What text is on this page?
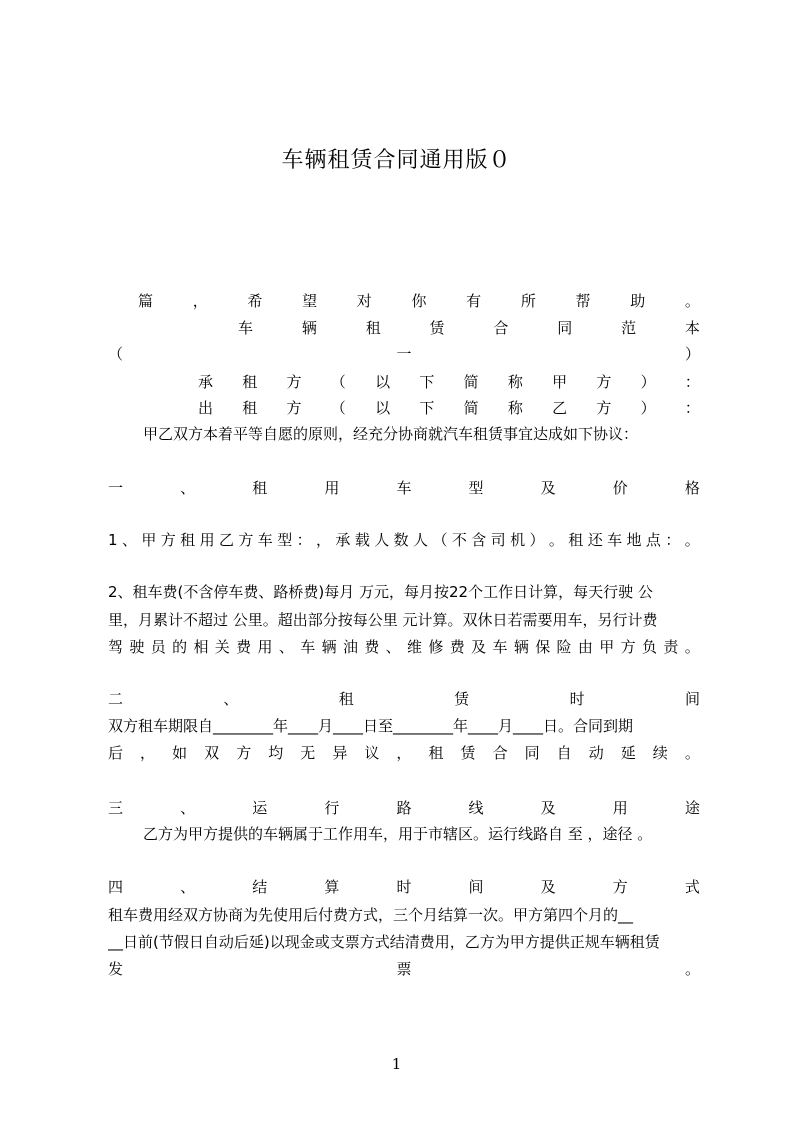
车辆租赁合同通用版０
篇	，	希	望	对	你	有	所	帮	助	。
车	辆	租	赁	合	同	范	本
（	一	）
承 租 方 （ 以 下 简 称 甲 方 ） ：
出 租 方 （ 以 下 简 称 乙 方 ） ：
甲乙双方本着平等自愿的原则，经充分协商就汽车租赁事宜达成如下协议：
一	、	租	用	车	型	及	价	格
1 、 甲 方 租 用 乙 方 车 型 ： ， 承 载 人 数 人 （ 不 含 司 机 ） 。 租 还 车 地 点 ： 。
2、租车费(不含停车费、路桥费)每月 万元，每月按22个工作日计算，每天行驶 公
里，月累计不超过 公里。超出部分按每公里 元计算。双休日若需要用车，另行计费
驾 驶 员 的 相 关 费 用 、 车 辆 油 费 、 维 修 费 及 车 辆 保 险 由 甲 方 负 责 。
二	、	租	赁	时	间
双方租车期限自________年____月____日至________年____月____日。合同到期
后 ， 如 双 方 均 无 异 议 ， 租 赁 合 同 自 动 延 续 。
三	、	运	行	路	线	及	用	途
乙方为甲方提供的车辆属于工作用车，用于市辖区。运行线路自 至 ，途径 。
四	、	结	算	时	间	及	方	式
租车费用经双方协商为先使用后付费方式，三个月结算一次。甲方第四个月的__
__日前(节假日自动后延)以现金或支票方式结清费用，乙方为甲方提供正规车辆租赁
发	票	。
1
